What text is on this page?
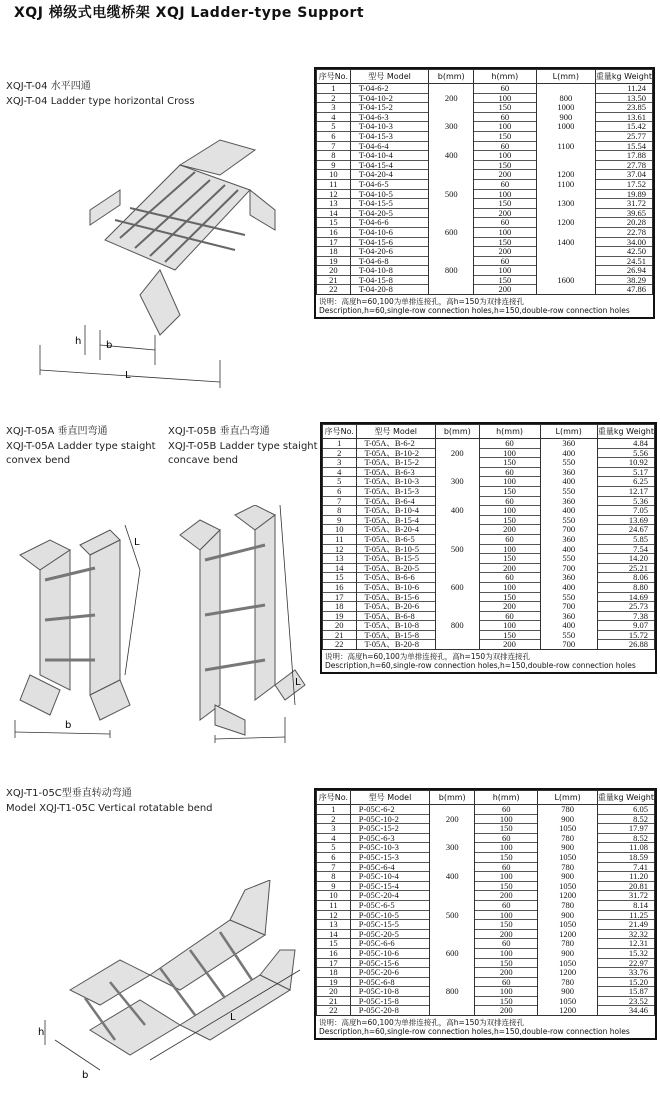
XQJ 梯级式电缆桥架 XQJ Ladder-type Support
XQJ-T-04 水平四通
XQJ-T-04 Ladder type horizontal Cross
b
L
h
序号No.	型号 Model	b(mm)	h(mm)	L(mm)	重量kg Weight
1	T-04-6-2		60		11.24
2	T-04-10-2	200	100	800	13.50
3	T-04-15-2		150	1000	23.85
4	T-04-6-3		60	900	13.61
5	T-04-10-3	300	100	1000	15.42
6	T-04-15-3		150		25.77
7	T-04-6-4		60	1100	15.54
8	T-04-10-4	400	100		17.88
9	T-04-15-4		150		27.78
10	T-04-20-4		200	1200	37.04
11	T-04-6-5		60	1100	17.52
12	T-04-10-5	500	100		19.89
13	T-04-15-5		150	1300	31.72
14	T-04-20-5		200		39.65
15	T-04-6-6		60	1200	20.28
16	T-04-10-6	600	100		22.78
17	T-04-15-6		150	1400	34.00
18	T-04-20-6		200		42.50
19	T-04-6-8		60		24.51
20	T-04-10-8	800	100		26.94
21	T-04-15-8		150	1600	38.29
22	T-04-20-8		200		47.86
说明：高度h=60,100为单排连接孔，高h=150为双排连接孔
Description,h=60,single-row connection holes,h=150,double-row connection holes
XQJ-T-05A 垂直凹弯通
XQJ-T-05A Ladder type staight convex bend
XQJ-T-05B 垂直凸弯通
XQJ-T-05B Ladder type staight concave bend
b
L
L
序号No.	型号 Model	b(mm)	h(mm)	L(mm)	重量kg Weight
1	T-05A、B-6-2		60	360	4.84
2	T-05A、B-10-2	200	100	400	5.56
3	T-05A、B-15-2		150	550	10.92
4	T-05A、B-6-3		60	360	5.17
5	T-05A、B-10-3	300	100	400	6.25
6	T-05A、B-15-3		150	550	12.17
7	T-05A、B-6-4		60	360	5.36
8	T-05A、B-10-4	400	100	400	7.05
9	T-05A、B-15-4		150	550	13.69
10	T-05A、B-20-4		200	700	24.67
11	T-05A、B-6-5		60	360	5.85
12	T-05A、B-10-5	500	100	400	7.54
13	T-05A、B-15-5		150	550	14.20
14	T-05A、B-20-5		200	700	25.21
15	T-05A、B-6-6		60	360	8.06
16	T-05A、B-10-6	600	100	400	8.80
17	T-05A、B-15-6		150	550	14.69
18	T-05A、B-20-6		200	700	25.73
19	T-05A、B-6-8		60	360	7.38
20	T-05A、B-10-8	800	100	400	9.07
21	T-05A、B-15-8		150	550	15.72
22	T-05A、B-20-8		200	700	26.88
说明：高度h=60,100为单排连接孔，高h=150为双排连接孔
Description,h=60,single-row connection holes,h=150,double-row connection holes
XQJ-T1-05C型垂直转动弯通
Model XQJ-T1-05C Vertical rotatable bend
h
b
L
序号No.	型号 Model	b(mm)	h(mm)	L(mm)	重量kg Weight
1	P-05C-6-2		60	780	6.05
2	P-05C-10-2	200	100	900	8.52
3	P-05C-15-2		150	1050	17.97
4	P-05C-6-3		60	780	8.52
5	P-05C-10-3	300	100	900	11.08
6	P-05C-15-3		150	1050	18.59
7	P-05C-6-4		60	780	7.41
8	P-05C-10-4	400	100	900	11.20
9	P-05C-15-4		150	1050	20.81
10	P-05C-20-4		200	1200	31.72
11	P-05C-6-5		60	780	8.14
12	P-05C-10-5	500	100	900	11.25
13	P-05C-15-5		150	1050	21.49
14	P-05C-20-5		200	1200	32.32
15	P-05C-6-6		60	780	12.31
16	P-05C-10-6	600	100	900	15.32
17	P-05C-15-6		150	1050	22.97
18	P-05C-20-6		200	1200	33.76
19	P-05C-6-8		60	780	15.20
20	P-05C-10-8	800	100	900	15.87
21	P-05C-15-8		150	1050	23.52
22	P-05C-20-8		200	1200	34.46
说明：高度h=60,100为单排连接孔，高h=150为双排连接孔
Description,h=60,single-row connection holes,h=150,double-row connection holes
